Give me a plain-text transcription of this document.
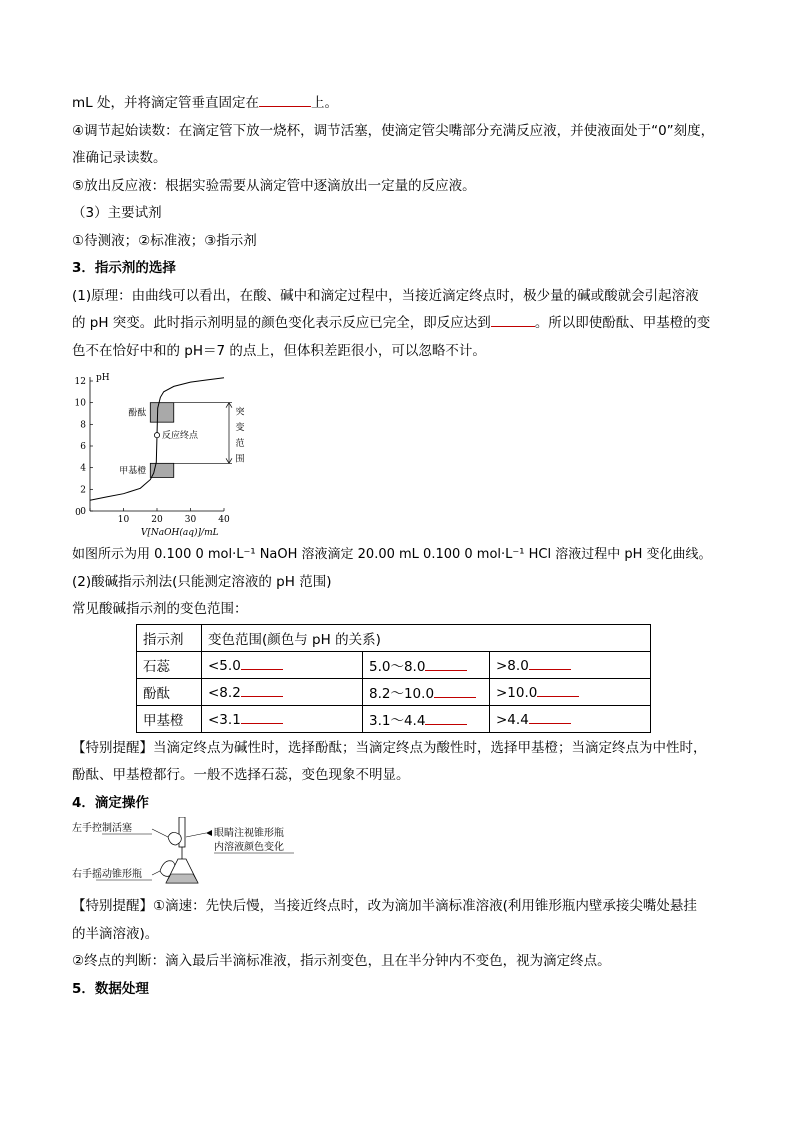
mL 处，并将滴定管垂直固定在	上。
④调节起始读数：在滴定管下放一烧杯，调节活塞，使滴定管尖嘴部分充满反应液，并使液面处于“0”刻度，
准确记录读数。
⑤放出反应液：根据实验需要从滴定管中逐滴放出一定量的反应液。
（3）主要试剂
①待测液；②标准液；③指示剂
3．指示剂的选择
(1)原理：由曲线可以看出，在酸、碱中和滴定过程中，当接近滴定终点时，极少量的碱或酸就会引起溶液
的 pH 突变。此时指示剂明显的颜色变化表示反应已完全，即反应达到	。所以即使酚酞、甲基橙的变
色不在恰好中和的 pH＝7 的点上，但体积差距很小，可以忽略不计。
0
2
4
6
8
10
12
10 20 30 40
0
pH
V[NaOH(aq)]/mL
酚酞
甲基橙
反应终点
突
变
范
围
如图所示为用 0.100 0 mol·L⁻¹ NaOH 溶液滴定 20.00 mL 0.100 0 mol·L⁻¹ HCl 溶液过程中 pH 变化曲线。
(2)酸碱指示剂法(只能测定溶液的 pH 范围)
常见酸碱指示剂的变色范围：
指示剂	变色范围(颜色与 pH 的关系)		
石蕊	<5.0	5.0～8.0	>8.0
酚酞	<8.2	8.2～10.0	>10.0
甲基橙	<3.1	3.1～4.4	>4.4
【特别提醒】当滴定终点为碱性时，选择酚酞；当滴定终点为酸性时，选择甲基橙；当滴定终点为中性时，
酚酞、甲基橙都行。一般不选择石蕊，变色现象不明显。
4．滴定操作
左手控制活塞
右手摇动锥形瓶
眼睛注视锥形瓶
内溶液颜色变化
【特别提醒】①滴速：先快后慢，当接近终点时，改为滴加半滴标准溶液(利用锥形瓶内壁承接尖嘴处悬挂
的半滴溶液)。
②终点的判断：滴入最后半滴标准液，指示剂变色，且在半分钟内不变色，视为滴定终点。
5．数据处理
